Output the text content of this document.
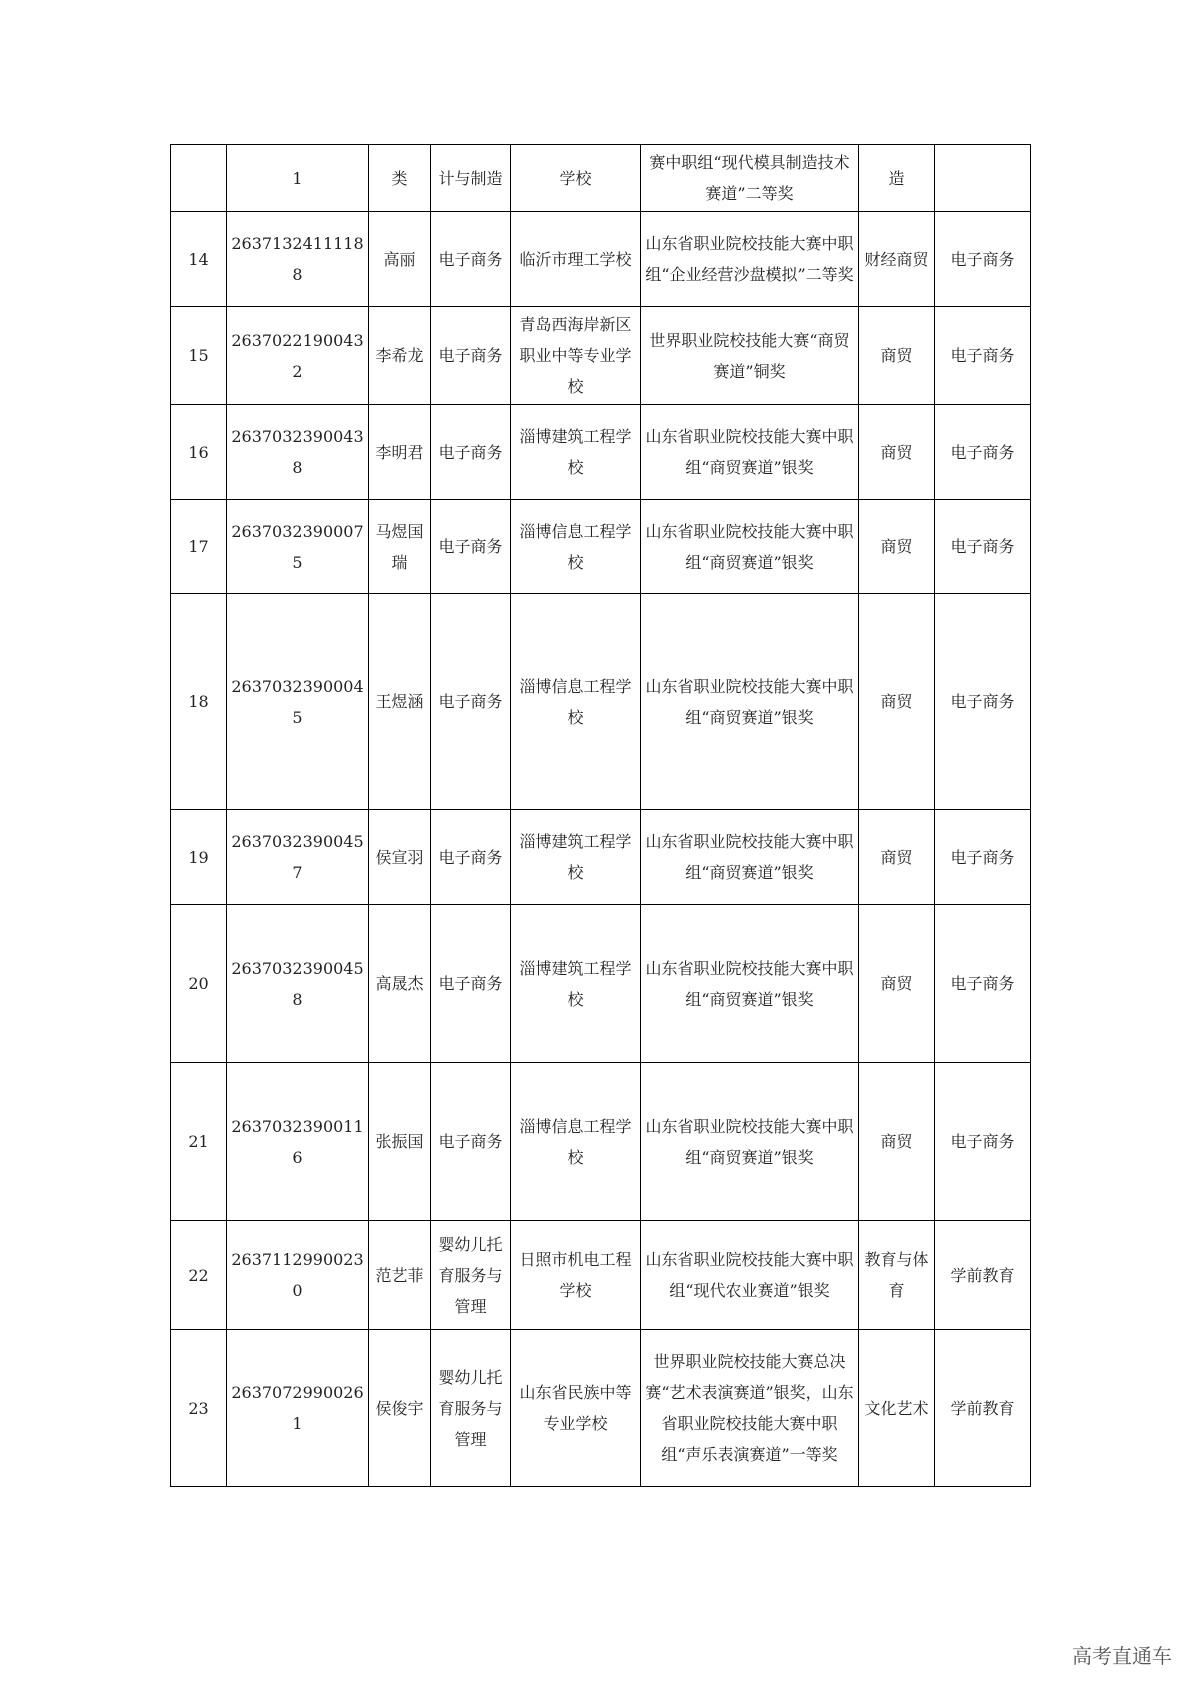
	1	类	计与制造	学校	赛中职组“现代模具制造技术赛道”二等奖	造	
14	26371324111188	高丽	电子商务	临沂市理工学校	山东省职业院校技能大赛中职组“企业经营沙盘模拟”二等奖	财经商贸	电子商务
15	26370221900432	李希龙	电子商务	青岛西海岸新区职业中等专业学校	世界职业院校技能大赛“商贸赛道”铜奖	商贸	电子商务
16	26370323900438	李明君	电子商务	淄博建筑工程学校	山东省职业院校技能大赛中职组“商贸赛道”银奖	商贸	电子商务
17	26370323900075	马煜国瑞	电子商务	淄博信息工程学校	山东省职业院校技能大赛中职组“商贸赛道”银奖	商贸	电子商务
18	26370323900045	王煜涵	电子商务	淄博信息工程学校	山东省职业院校技能大赛中职组“商贸赛道”银奖	商贸	电子商务
19	26370323900457	侯宣羽	电子商务	淄博建筑工程学校	山东省职业院校技能大赛中职组“商贸赛道”银奖	商贸	电子商务
20	26370323900458	高晟杰	电子商务	淄博建筑工程学校	山东省职业院校技能大赛中职组“商贸赛道”银奖	商贸	电子商务
21	26370323900116	张振国	电子商务	淄博信息工程学校	山东省职业院校技能大赛中职组“商贸赛道”银奖	商贸	电子商务
22	26371129900230	范艺菲	婴幼儿托育服务与管理	日照市机电工程学校	山东省职业院校技能大赛中职组“现代农业赛道”银奖	教育与体育	学前教育
23	26370729900261	侯俊宇	婴幼儿托育服务与管理	山东省民族中等专业学校	世界职业院校技能大赛总决赛“艺术表演赛道”银奖，山东省职业院校技能大赛中职组“声乐表演赛道”一等奖	文化艺术	学前教育
高考直通车
